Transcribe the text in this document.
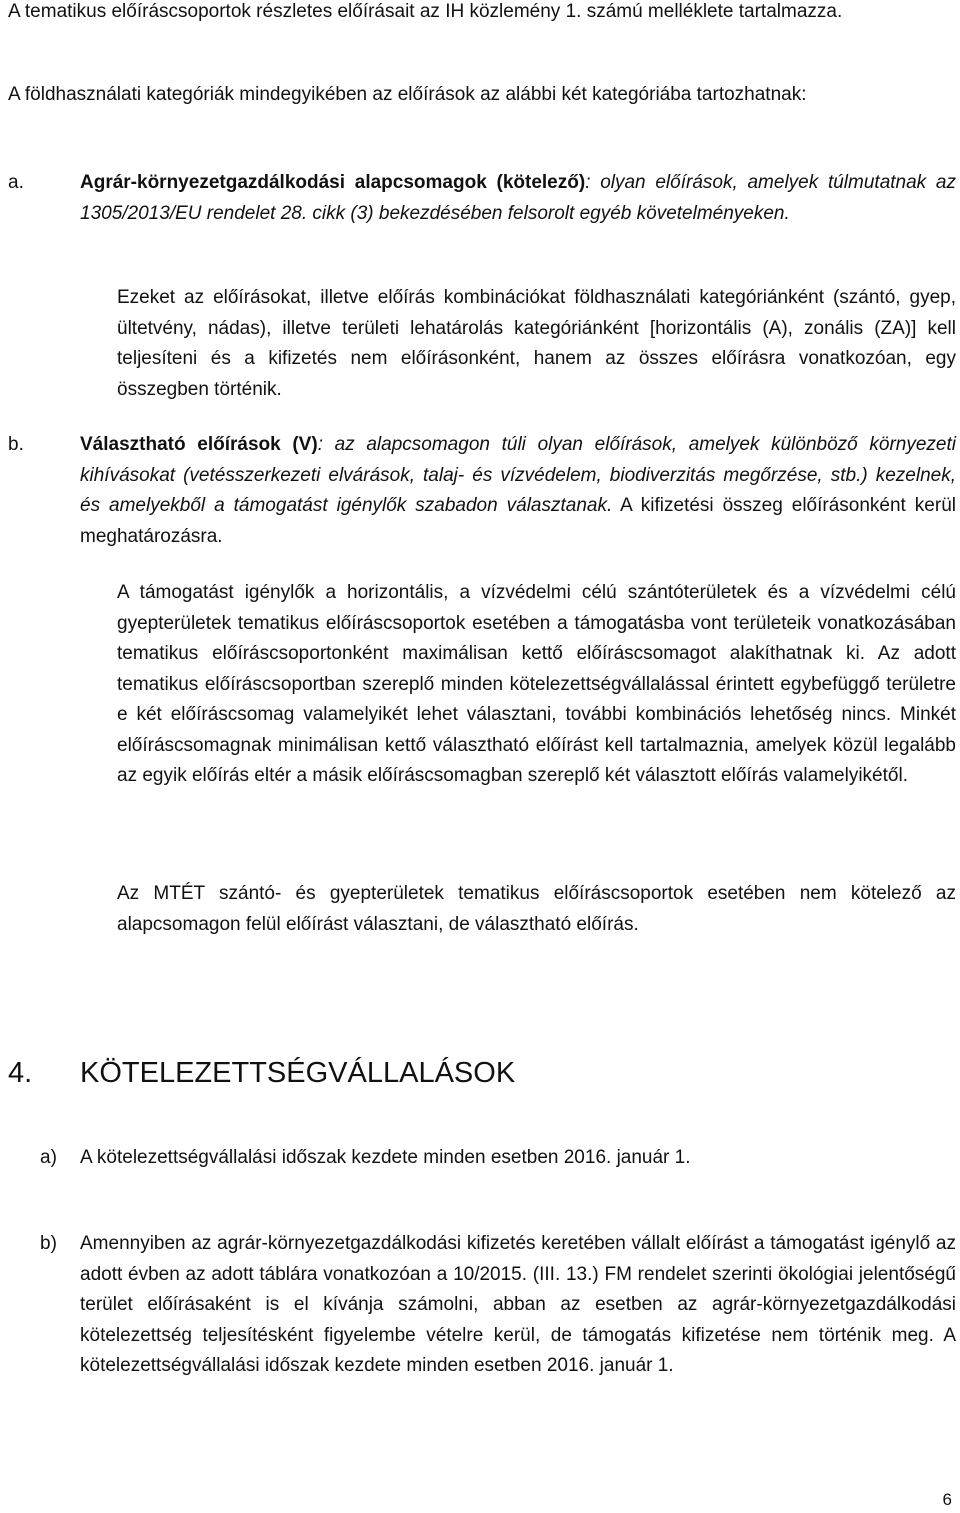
A tematikus előíráscsoportok részletes előírásait az IH közlemény 1. számú melléklete tartalmazza.
A földhasználati kategóriák mindegyikében az előírások az alábbi két kategóriába tartozhatnak:
a.	Agrár-környezetgazdálkodási alapcsomagok (kötelező): olyan előírások, amelyek túlmutatnak az 1305/2013/EU rendelet 28. cikk (3) bekezdésében felsorolt egyéb követelményeken.
Ezeket az előírásokat, illetve előírás kombinációkat földhasználati kategóriánként (szántó, gyep, ültetvény, nádas), illetve területi lehatárolás kategóriánként [horizontális (A), zonális (ZA)] kell teljesíteni és a kifizetés nem előírásonként, hanem az összes előírásra vonatkozóan, egy összegben történik.
b.	Választható előírások (V): az alapcsomagon túli olyan előírások, amelyek különböző környezeti kihívásokat (vetésszerkezeti elvárások, talaj- és vízvédelem, biodiverzitás megőrzése, stb.) kezelnek, és amelyekből a támogatást igénylők szabadon választanak. A kifizetési összeg előírásonként kerül meghatározásra.
A támogatást igénylők a horizontális, a vízvédelmi célú szántóterületek és a vízvédelmi célú gyepterületek tematikus előíráscsoportok esetében a támogatásba vont területeik vonatkozásában tematikus előíráscsoportonként maximálisan kettő előíráscsomagot alakíthatnak ki. Az adott tematikus előíráscsoportban szereplő minden kötelezettségvállalással érintett egybefüggő területre e két előíráscsomag valamelyikét lehet választani, további kombinációs lehetőség nincs. Minkét előíráscsomagnak minimálisan kettő választható előírást kell tartalmaznia, amelyek közül legalább az egyik előírás eltér a másik előíráscsomagban szereplő két választott előírás valamelyikétől.
Az MTÉT szántó- és gyepterületek tematikus előíráscsoportok esetében nem kötelező az alapcsomagon felül előírást választani, de választható előírás.
4. KÖTELEZETTSÉGVÁLLALÁSOK
a) A kötelezettségvállalási időszak kezdete minden esetben 2016. január 1.
b) Amennyiben az agrár-környezetgazdálkodási kifizetés keretében vállalt előírást a támogatást igénylő az adott évben az adott táblára vonatkozóan a 10/2015. (III. 13.) FM rendelet szerinti ökológiai jelentőségű terület előírásaként is el kívánja számolni, abban az esetben az agrár-környezetgazdálkodási kötelezettség teljesítésként figyelembe vételre kerül, de támogatás kifizetése nem történik meg. A kötelezettségvállalási időszak kezdete minden esetben 2016. január 1.
6
